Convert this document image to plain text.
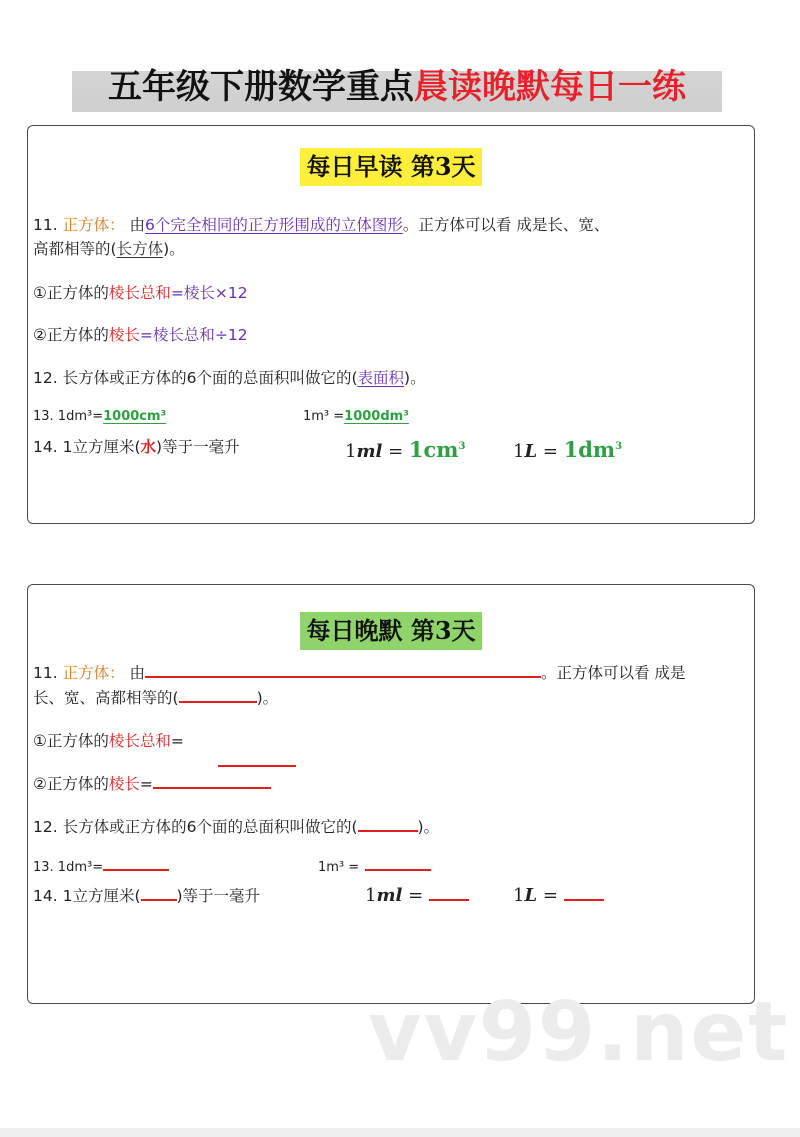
五年级下册数学重点晨读晚默每日一练
每日早读 第3天
11. 正方体： 由6个完全相同的正方形围成的立体图形。正方体可以看 成是长、宽、
高都相等的(长方体)。
①正方体的棱长总和=棱长×12
②正方体的棱长=棱长总和÷12
12. 长方体或正方体的6个面的总面积叫做它的(表面积)。
13. 1dm³=1000cm³	1m³ =1000dm³
14. 1立方厘米(水)等于一毫升	$1ml = 1cm^3$	$1L = 1dm^3$
每日晚默 第3天
11. 正方体： 由	。正方体可以看 成是
长、宽、高都相等的(	)。
①正方体的棱长总和=
②正方体的棱长=
12. 长方体或正方体的6个面的总面积叫做它的(	)。
13. 1dm³=	1m³ =
14. 1立方厘米( )等于一毫升	1ml =	1L =
vv99.net
